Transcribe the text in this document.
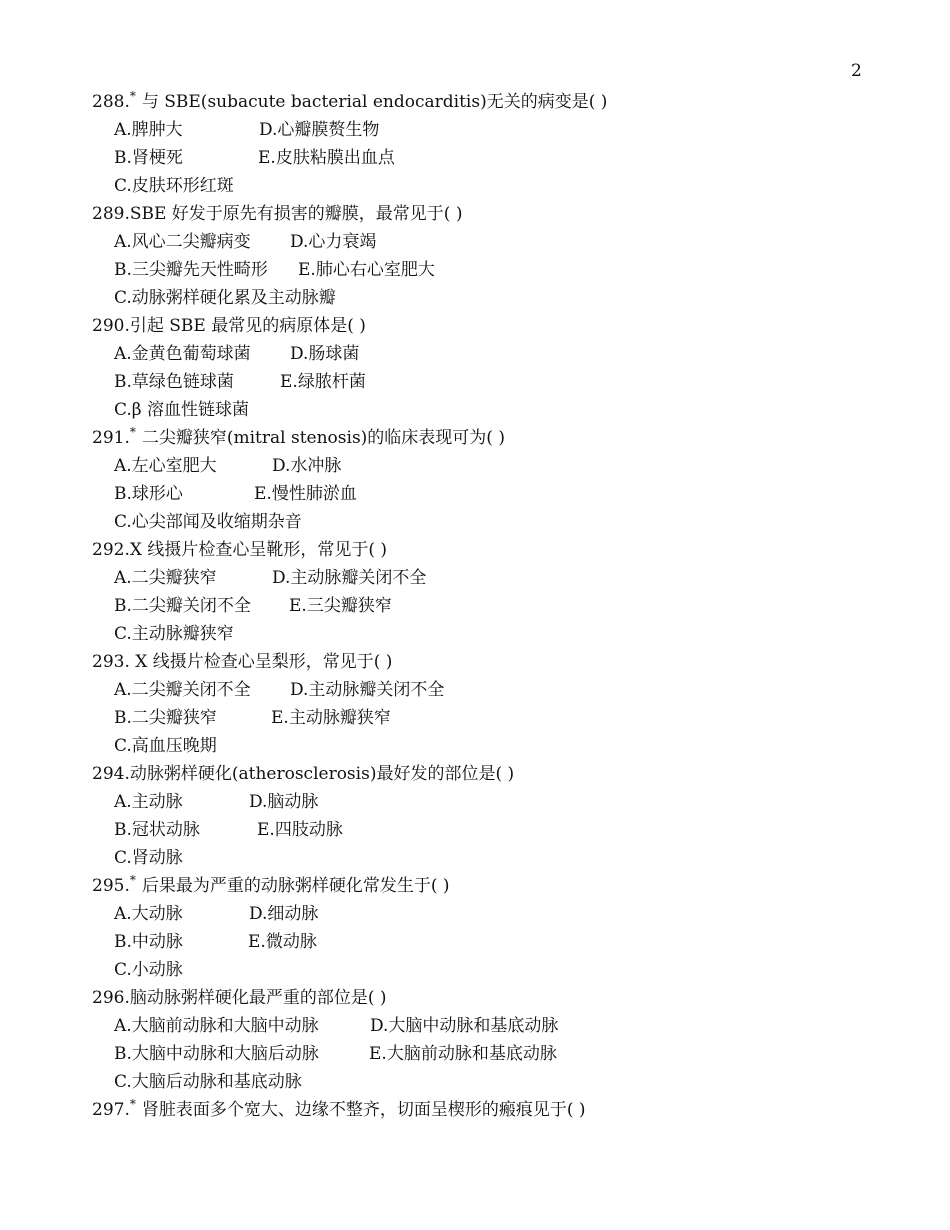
2
288.* 与 SBE(subacute bacterial endocarditis)无关的病变是( )
A.脾肿大	D.心瓣膜赘生物
B.肾梗死	E.皮肤粘膜出血点
C.皮肤环形红斑
289.SBE 好发于原先有损害的瓣膜，最常见于( )
A.风心二尖瓣病变 D.心力衰竭
B.三尖瓣先天性畸形 E.肺心右心室肥大
C.动脉粥样硬化累及主动脉瓣
290.引起 SBE 最常见的病原体是( )
A.金黄色葡萄球菌 D.肠球菌
B.草绿色链球菌	E.绿脓杆菌
C.β 溶血性链球菌
291.* 二尖瓣狭窄(mitral stenosis)的临床表现可为( )
A.左心室肥大	D.水冲脉
B.球形心	E.慢性肺淤血
C.心尖部闻及收缩期杂音
292.X 线摄片检查心呈靴形，常见于( )
A.二尖瓣狭窄	D.主动脉瓣关闭不全
B.二尖瓣关闭不全 E.三尖瓣狭窄
C.主动脉瓣狭窄
293. X 线摄片检查心呈梨形，常见于( )
A.二尖瓣关闭不全 D.主动脉瓣关闭不全
B.二尖瓣狭窄	E.主动脉瓣狭窄
C.高血压晚期
294.动脉粥样硬化(atherosclerosis)最好发的部位是( )
A.主动脉	D.脑动脉
B.冠状动脉	E.四肢动脉
C.肾动脉
295.* 后果最为严重的动脉粥样硬化常发生于( )
A.大动脉	D.细动脉
B.中动脉	E.微动脉
C.小动脉
296.脑动脉粥样硬化最严重的部位是( )
A.大脑前动脉和大脑中动脉	D.大脑中动脉和基底动脉
B.大脑中动脉和大脑后动脉	E.大脑前动脉和基底动脉
C.大脑后动脉和基底动脉
297.* 肾脏表面多个宽大、边缘不整齐，切面呈楔形的瘢痕见于( )
